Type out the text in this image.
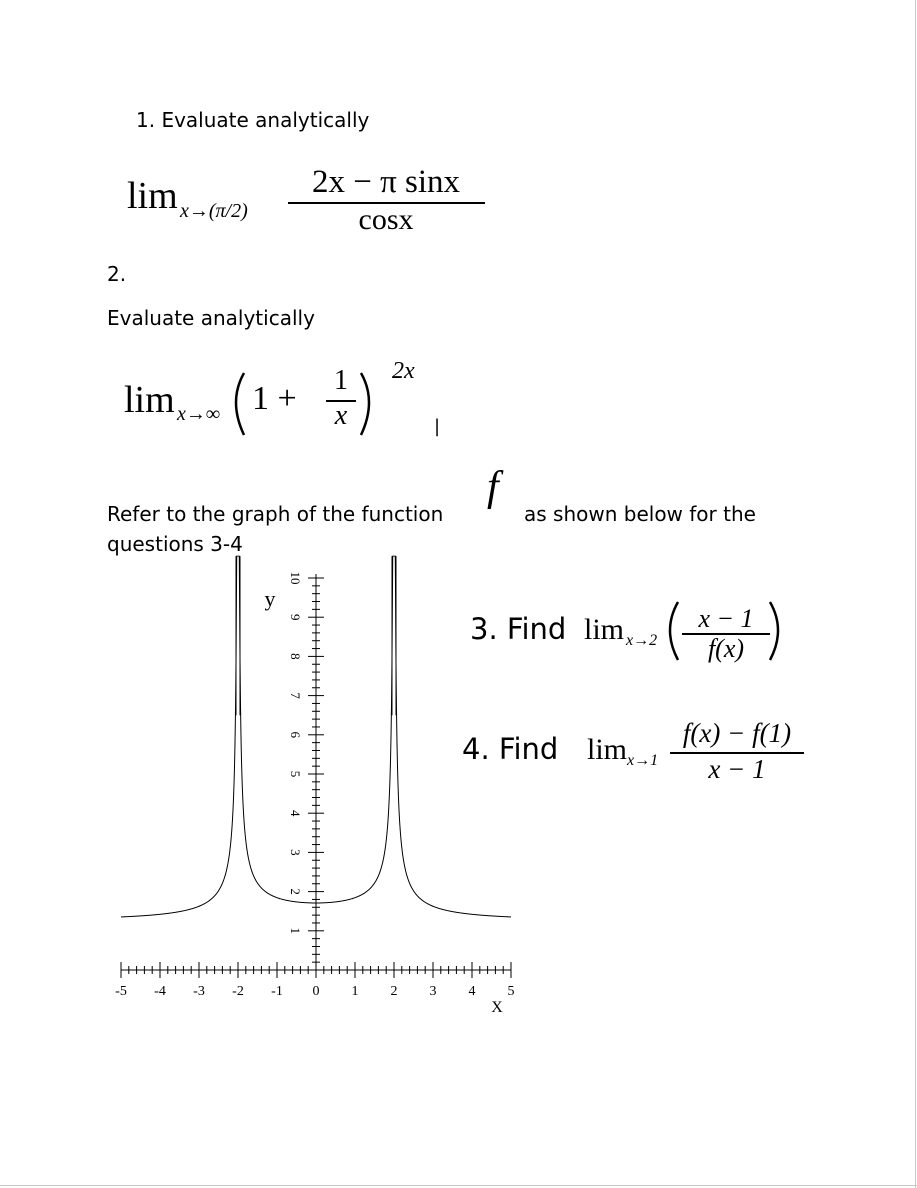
1. Evaluate analytically
lim x→(π/2)
2x − π sinx
cosx
2.
Evaluate analytically
lim x→∞ 1 +	1
x
2x
|
Refer to the graph of the function
f
as shown below for the
questions 3-4
3. Find lim x→2
x − 1
f(x)
4. Find lim x→1
f(x) − f(1)
x − 1
-5 -4 -3 -2 -1 0 1 2 3 4 5
1
2
3
4
5
6
7
8
9
10
X
y
